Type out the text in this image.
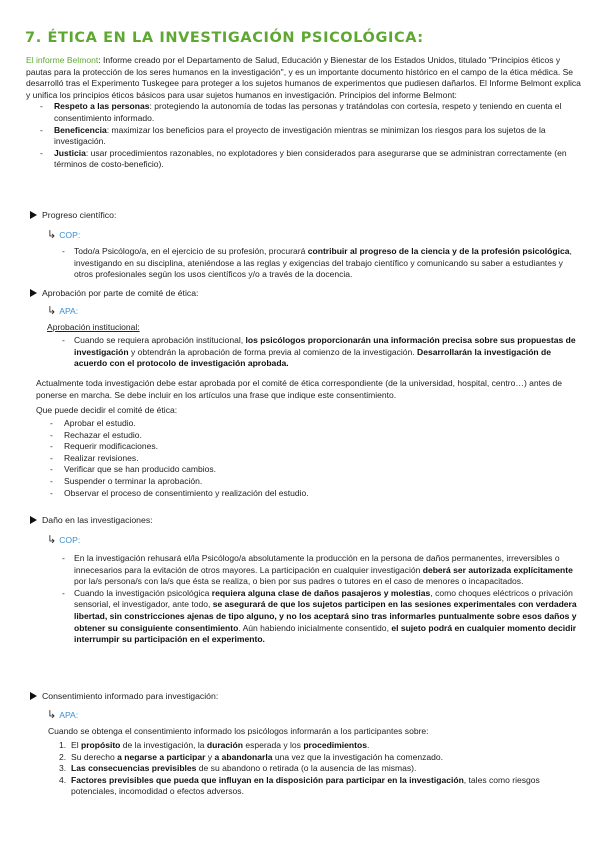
7. ÉTICA EN LA INVESTIGACIÓN PSICOLÓGICA:

El informe Belmont: Informe creado por el Departamento de Salud, Educación y Bienestar de los Estados Unidos, titulado "Principios éticos y pautas para la protección de los seres humanos en la investigación", y es un importante documento histórico en el campo de la ética médica. Se desarrolló tras el Experimento Tuskegee para proteger a los sujetos humanos de experimentos que pudiesen dañarlos. El Informe Belmont explica y unifica los principios éticos básicos para usar sujetos humanos en investigación. Principios del informe Belmont:

- Respeto a las personas: protegiendo la autonomía de todas las personas y tratándolas con cortesía, respeto y teniendo en cuenta el consentimiento informado.
- Beneficencia: maximizar los beneficios para el proyecto de investigación mientras se minimizan los riesgos para los sujetos de la investigación.
- Justicia: usar procedimientos razonables, no explotadores y bien considerados para asegurarse que se administran correctamente (en términos de costo-beneficio).
Progreso científico:
↳ COP:
- Todo/a Psicólogo/a, en el ejercicio de su profesión, procurará contribuir al progreso de la ciencia y de la profesión psicológica, investigando en su disciplina, ateniéndose a las reglas y exigencias del trabajo científico y comunicando su saber a estudiantes y otros profesionales según los usos científicos y/o a través de la docencia.
Aprobación por parte de comité de ética:
↳ APA:
Aprobación institucional:
- Cuando se requiera aprobación institucional, los psicólogos proporcionarán una información precisa sobre sus propuestas de investigación y obtendrán la aprobación de forma previa al comienzo de la investigación. Desarrollarán la investigación de acuerdo con el protocolo de investigación aprobada.

Actualmente toda investigación debe estar aprobada por el comité de ética correspondiente (de la universidad, hospital, centro…) antes de ponerse en marcha. Se debe incluir en los artículos una frase que indique este consentimiento.

Que puede decidir el comité de ética:
- Aprobar el estudio.
- Rechazar el estudio.
- Requerir modificaciones.
- Realizar revisiones.
- Verificar que se han producido cambios.
- Suspender o terminar la aprobación.
- Observar el proceso de consentimiento y realización del estudio.
Daño en las investigaciones:
↳ COP:
- En la investigación rehusará el/la Psicólogo/a absolutamente la producción en la persona de daños permanentes, irreversibles o innecesarios para la evitación de otros mayores. La participación en cualquier investigación deberá ser autorizada explícitamente por la/s persona/s con la/s que ésta se realiza, o bien por sus padres o tutores en el caso de menores o incapacitados.
- Cuando la investigación psicológica requiera alguna clase de daños pasajeros y molestias, como choques eléctricos o privación sensorial, el investigador, ante todo, se asegurará de que los sujetos participen en las sesiones experimentales con verdadera libertad, sin constricciones ajenas de tipo alguno, y no los aceptará sino tras informarles puntualmente sobre esos daños y obtener su consiguiente consentimiento. Aún habiendo inicialmente consentido, el sujeto podrá en cualquier momento decidir interrumpir su participación en el experimento.
Consentimiento informado para investigación:
↳ APA:
Cuando se obtenga el consentimiento informado los psicólogos informarán a los participantes sobre:
1. El propósito de la investigación, la duración esperada y los procedimientos.
2. Su derecho a negarse a participar y a abandonarla una vez que la investigación ha comenzado.
3. Las consecuencias previsibles de su abandono o retirada (o la ausencia de las mismas).
4. Factores previsibles que pueda que influyan en la disposición para participar en la investigación, tales como riesgos potenciales, incomodidad o efectos adversos.
